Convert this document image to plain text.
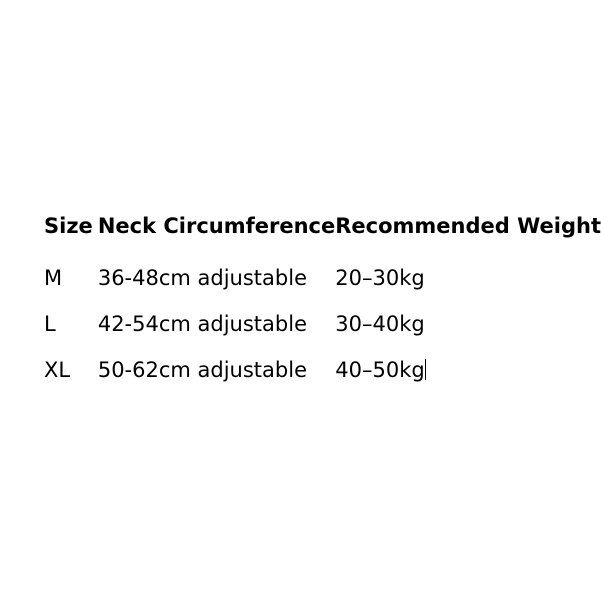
Size	Neck Circumference	Recommended Weight
M	36-48cm adjustable	20–30kg
L	42-54cm adjustable	30–40kg
XL	50-62cm adjustable	40–50kg
